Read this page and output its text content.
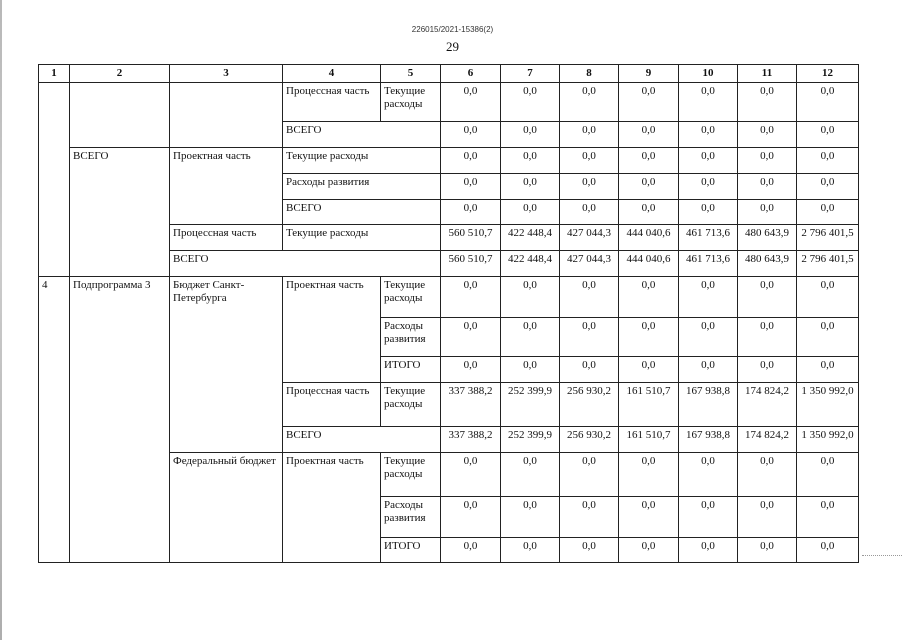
226015/2021-15386(2)
29
1	2	3	4	5	6	7	8	9	10	11	12
			Процессная часть	Текущие расходы	0,0	0,0	0,0	0,0	0,0	0,0	0,0
			ВСЕГО		0,0	0,0	0,0	0,0	0,0	0,0	0,0
	ВСЕГО	Проектная часть	Текущие расходы		0,0	0,0	0,0	0,0	0,0	0,0	0,0
			Расходы развития		0,0	0,0	0,0	0,0	0,0	0,0	0,0
			ВСЕГО		0,0	0,0	0,0	0,0	0,0	0,0	0,0
		Процессная часть	Текущие расходы		560 510,7	422 448,4	427 044,3	444 040,6	461 713,6	480 643,9	2 796 401,5
		ВСЕГО			560 510,7	422 448,4	427 044,3	444 040,6	461 713,6	480 643,9	2 796 401,5
4	Подпрограмма 3	Бюджет Санкт-Петербурга	Проектная часть	Текущие расходы	0,0	0,0	0,0	0,0	0,0	0,0	0,0
				Расходы развития	0,0	0,0	0,0	0,0	0,0	0,0	0,0
				ИТОГО	0,0	0,0	0,0	0,0	0,0	0,0	0,0
			Процессная часть	Текущие расходы	337 388,2	252 399,9	256 930,2	161 510,7	167 938,8	174 824,2	1 350 992,0
			ВСЕГО		337 388,2	252 399,9	256 930,2	161 510,7	167 938,8	174 824,2	1 350 992,0
		Федеральный бюджет	Проектная часть	Текущие расходы	0,0	0,0	0,0	0,0	0,0	0,0	0,0
				Расходы развития	0,0	0,0	0,0	0,0	0,0	0,0	0,0
				ИТОГО	0,0	0,0	0,0	0,0	0,0	0,0	0,0
